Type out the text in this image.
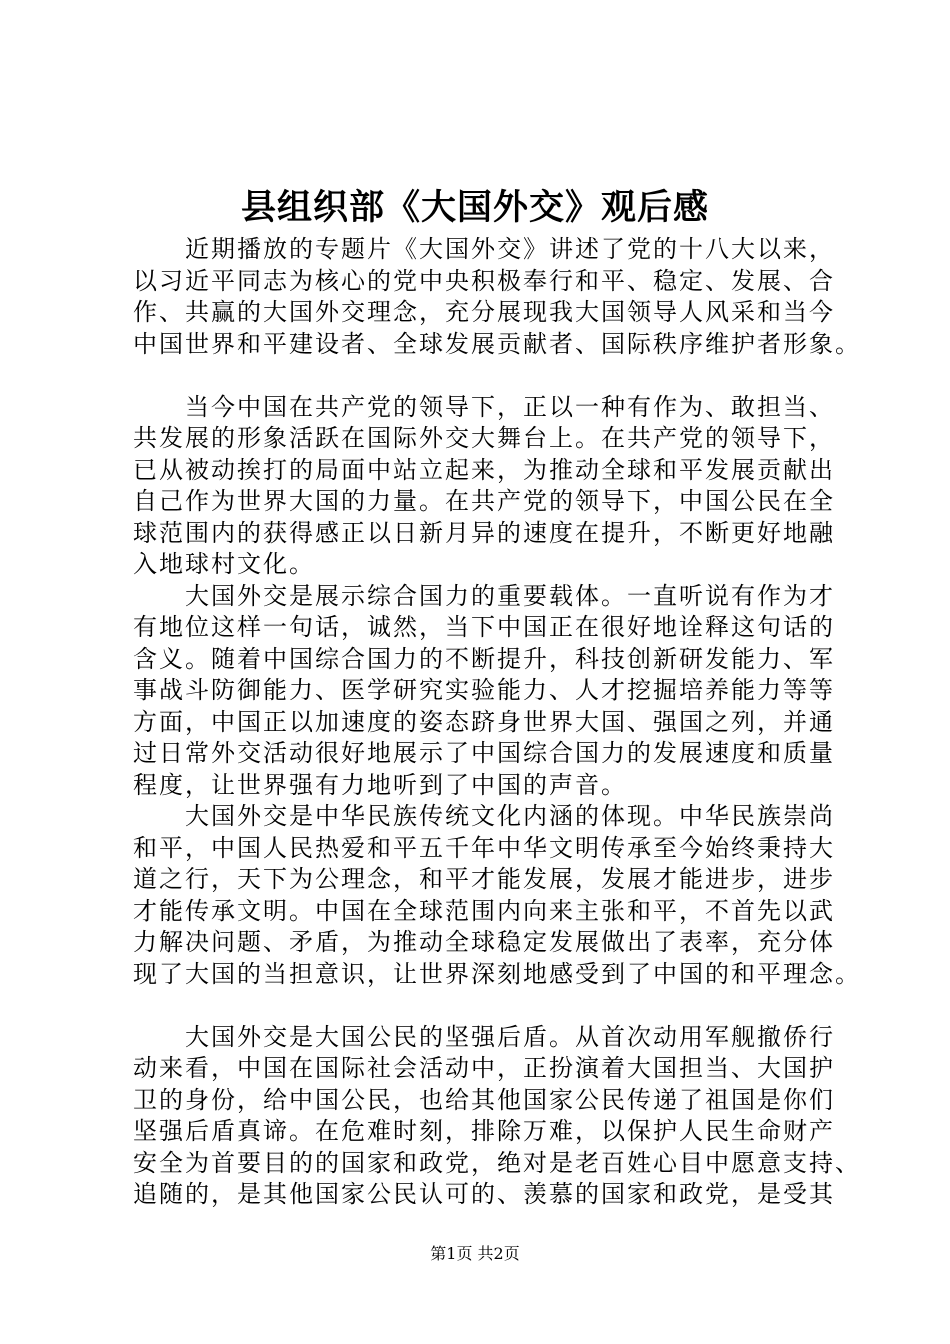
县组织部《大国外交》观后感

近期播放的专题片《大国外交》讲述了党的十八大以来，
以习近平同志为核心的党中央积极奉行和平、稳定、发展、合
作、共赢的大国外交理念，充分展现我大国领导人风采和当今
中国世界和平建设者、全球发展贡献者、国际秩序维护者形象。

当今中国在共产党的领导下，正以一种有作为、敢担当、
共发展的形象活跃在国际外交大舞台上。在共产党的领导下，
已从被动挨打的局面中站立起来，为推动全球和平发展贡献出
自己作为世界大国的力量。在共产党的领导下，中国公民在全
球范围内的获得感正以日新月异的速度在提升，不断更好地融
入地球村文化。

大国外交是展示综合国力的重要载体。一直听说有作为才
有地位这样一句话，诚然，当下中国正在很好地诠释这句话的
含义。随着中国综合国力的不断提升，科技创新研发能力、军
事战斗防御能力、医学研究实验能力、人才挖掘培养能力等等
方面，中国正以加速度的姿态跻身世界大国、强国之列，并通
过日常外交活动很好地展示了中国综合国力的发展速度和质量
程度，让世界强有力地听到了中国的声音。

大国外交是中华民族传统文化内涵的体现。中华民族崇尚
和平，中国人民热爱和平五千年中华文明传承至今始终秉持大
道之行，天下为公理念，和平才能发展，发展才能进步，进步
才能传承文明。中国在全球范围内向来主张和平，不首先以武
力解决问题、矛盾，为推动全球稳定发展做出了表率，充分体
现了大国的当担意识，让世界深刻地感受到了中国的和平理念。

大国外交是大国公民的坚强后盾。从首次动用军舰撤侨行
动来看，中国在国际社会活动中，正扮演着大国担当、大国护
卫的身份，给中国公民，也给其他国家公民传递了祖国是你们
坚强后盾真谛。在危难时刻，排除万难，以保护人民生命财产
安全为首要目的的国家和政党，绝对是老百姓心目中愿意支持、
追随的，是其他国家公民认可的、羡慕的国家和政党，是受其

第1页 共2页
